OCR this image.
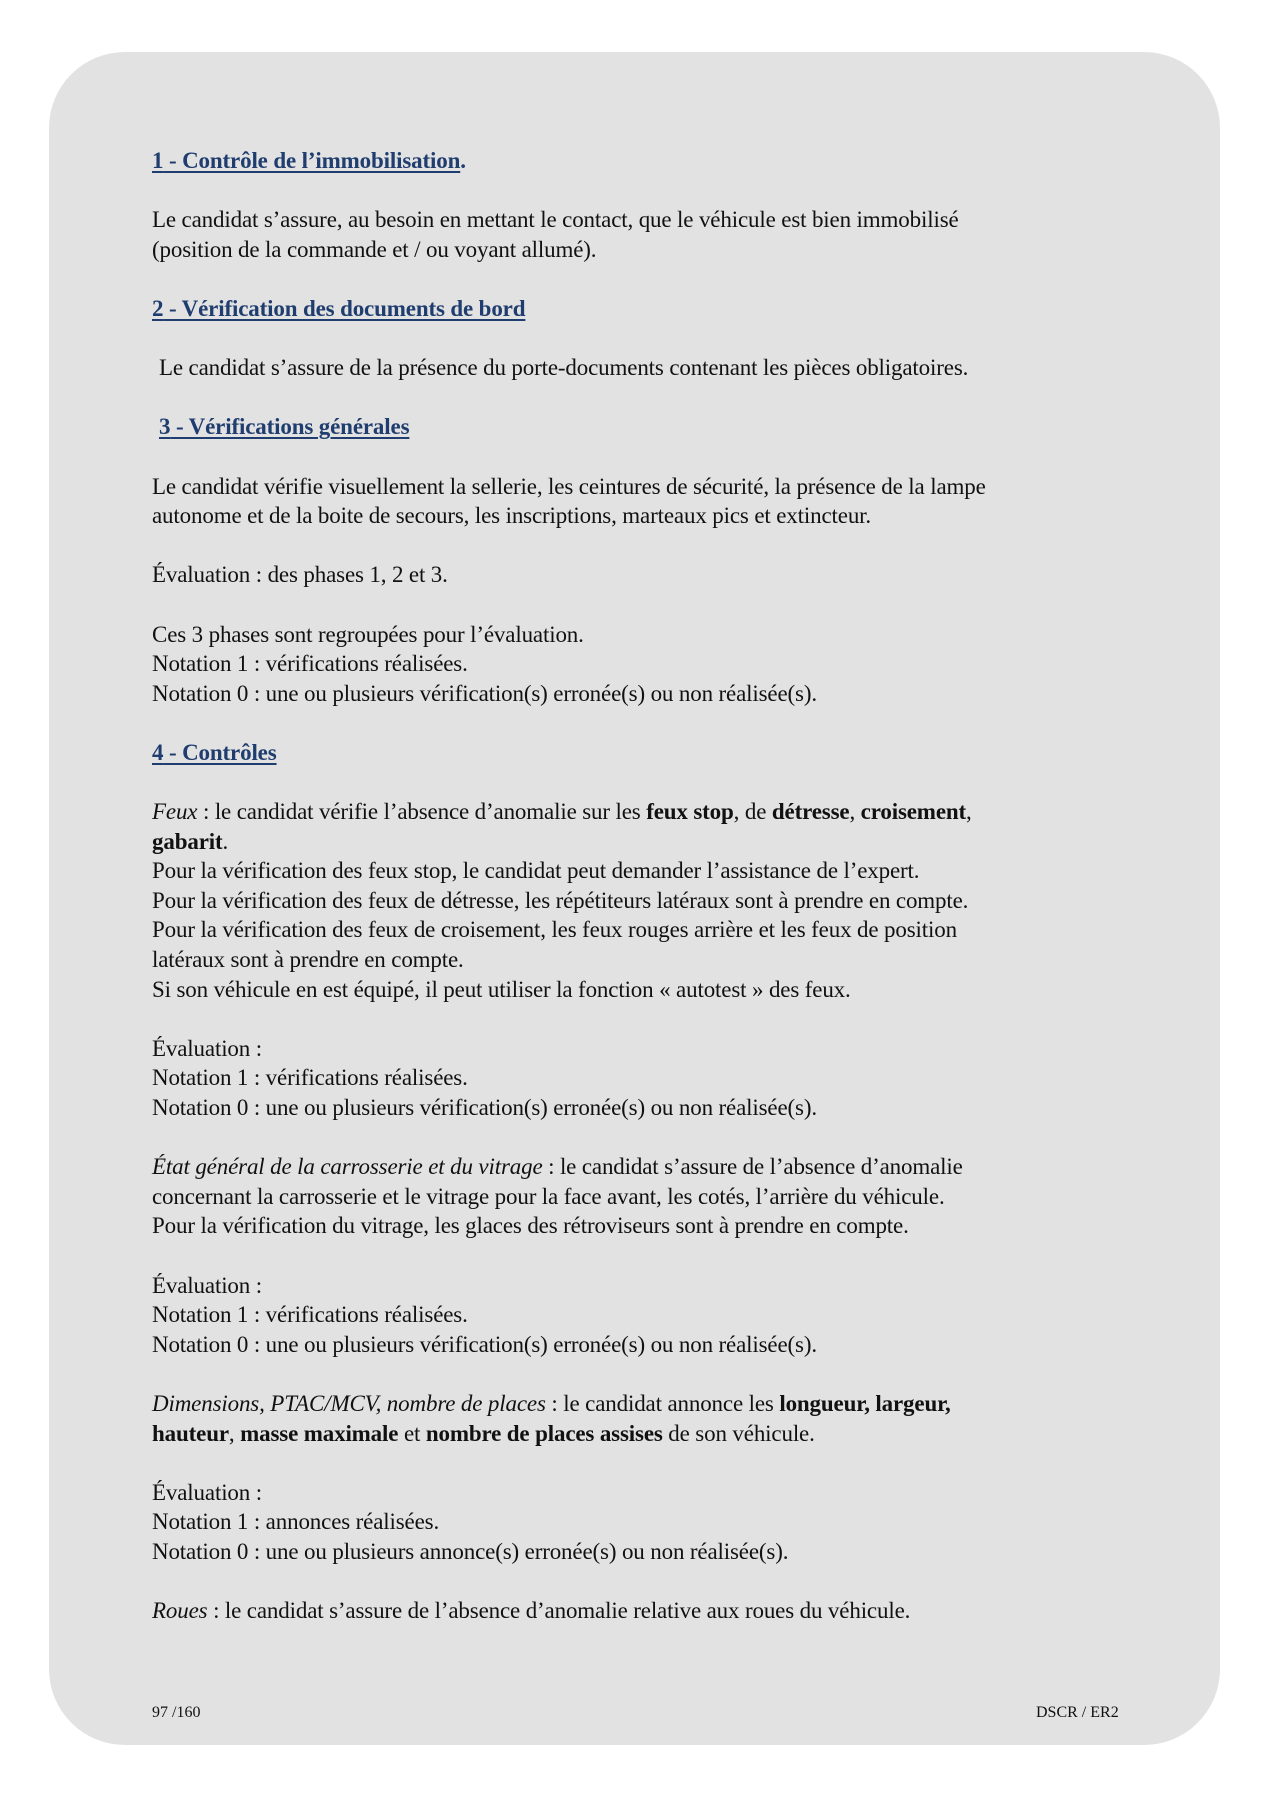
1 - Contrôle de l’immobilisation.
Le candidat s’assure, au besoin en mettant le contact, que le véhicule est bien immobilisé
(position de la commande et / ou voyant allumé).
2 - Vérification des documents de bord
Le candidat s’assure de la présence du porte-documents contenant les pièces obligatoires.
3 - Vérifications générales
Le candidat vérifie visuellement la sellerie, les ceintures de sécurité, la présence de la lampe
autonome et de la boite de secours, les inscriptions, marteaux pics et extincteur.
Évaluation : des phases 1, 2 et 3.
Ces 3 phases sont regroupées pour l’évaluation.
Notation 1 : vérifications réalisées.
Notation 0 : une ou plusieurs vérification(s) erronée(s) ou non réalisée(s).
4 - Contrôles
Feux : le candidat vérifie l’absence d’anomalie sur les feux stop, de détresse, croisement,
gabarit.
Pour la vérification des feux stop, le candidat peut demander l’assistance de l’expert.
Pour la vérification des feux de détresse, les répétiteurs latéraux sont à prendre en compte.
Pour la vérification des feux de croisement, les feux rouges arrière et les feux de position
latéraux sont à prendre en compte.
Si son véhicule en est équipé, il peut utiliser la fonction « autotest » des feux.
Évaluation :
Notation 1 : vérifications réalisées.
Notation 0 : une ou plusieurs vérification(s) erronée(s) ou non réalisée(s).
État général de la carrosserie et du vitrage : le candidat s’assure de l’absence d’anomalie
concernant la carrosserie et le vitrage pour la face avant, les cotés, l’arrière du véhicule.
Pour la vérification du vitrage, les glaces des rétroviseurs sont à prendre en compte.
Évaluation :
Notation 1 : vérifications réalisées.
Notation 0 : une ou plusieurs vérification(s) erronée(s) ou non réalisée(s).
Dimensions, PTAC/MCV, nombre de places : le candidat annonce les longueur, largeur,
hauteur, masse maximale et nombre de places assises de son véhicule.
Évaluation :
Notation 1 : annonces réalisées.
Notation 0 : une ou plusieurs annonce(s) erronée(s) ou non réalisée(s).
Roues : le candidat s’assure de l’absence d’anomalie relative aux roues du véhicule.
97 /160	DSCR / ER2
